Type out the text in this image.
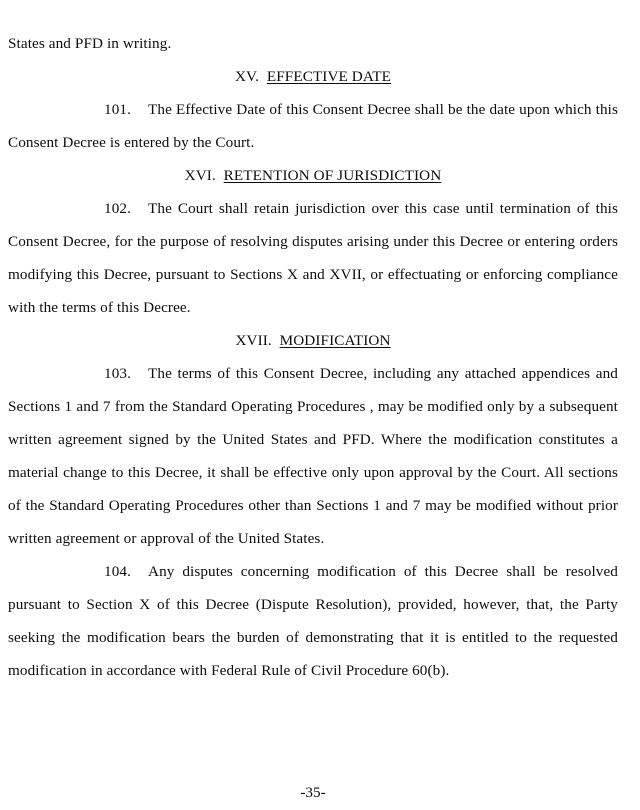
States and PFD in writing.
XV. EFFECTIVE DATE
101. The Effective Date of this Consent Decree shall be the date upon which this
Consent Decree is entered by the Court.
XVI. RETENTION OF JURISDICTION
102. The Court shall retain jurisdiction over this case until termination of this
Consent Decree, for the purpose of resolving disputes arising under this Decree or entering orders
modifying this Decree, pursuant to Sections X and XVII, or effectuating or enforcing compliance
with the terms of this Decree.
XVII. MODIFICATION
103. The terms of this Consent Decree, including any attached appendices and
Sections 1 and 7 from the Standard Operating Procedures , may be modified only by a subsequent
written agreement signed by the United States and PFD. Where the modification constitutes a
material change to this Decree, it shall be effective only upon approval by the Court. All sections
of the Standard Operating Procedures other than Sections 1 and 7 may be modified without prior
written agreement or approval of the United States.
104. Any disputes concerning modification of this Decree shall be resolved
pursuant to Section X of this Decree (Dispute Resolution), provided, however, that, the Party
seeking the modification bears the burden of demonstrating that it is entitled to the requested
modification in accordance with Federal Rule of Civil Procedure 60(b).
-35-
